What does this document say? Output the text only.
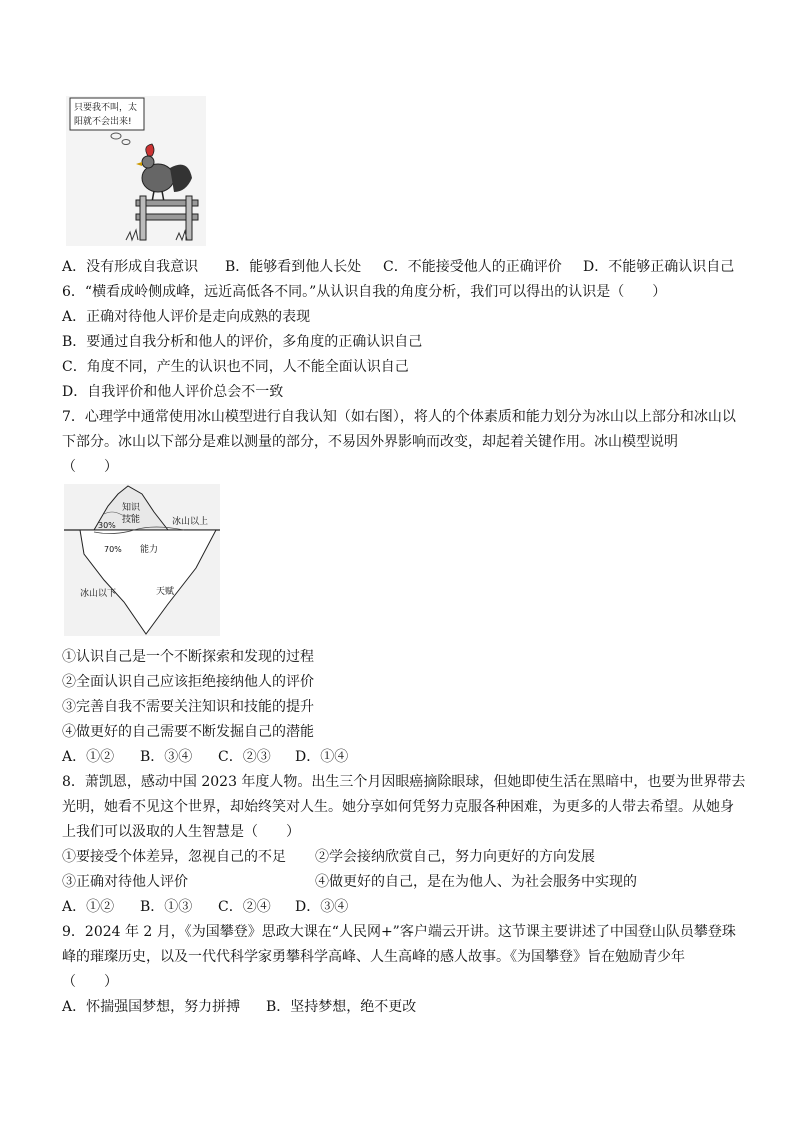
只要我不叫，太
阳就不会出来!
A．没有形成自我意识 B．能够看到他人长处 C．不能接受他人的正确评价 D．不能够正确认识自己
6．“横看成岭侧成峰，远近高低各不同。”从认识自我的角度分析，我们可以得出的认识是（　　）
A．正确对待他人评价是走向成熟的表现
B．要通过自我分析和他人的评价，多角度的正确认识自己
C．角度不同，产生的认识也不同，人不能全面认识自己
D．自我评价和他人评价总会不一致
7．心理学中通常使用冰山模型进行自我认知（如右图），将人的个体素质和能力划分为冰山以上部分和冰山以
下部分。冰山以下部分是难以测量的部分，不易因外界影响而改变，却起着关键作用。冰山模型说明
（　　）
知识
技能
30%	冰山以上
70% 能力
冰山以下	天赋
①认识自己是一个不断探索和发现的过程
②全面认识自己应该拒绝接纳他人的评价
③完善自我不需要关注知识和技能的提升
④做更好的自己需要不断发掘自己的潜能
A．①② B．③④ C．②③ D．①④
8．萧凯恩，感动中国 2023 年度人物。出生三个月因眼癌摘除眼球，但她即使生活在黑暗中，也要为世界带去
光明，她看不见这个世界，却始终笑对人生。她分享如何凭努力克服各种困难，为更多的人带去希望。从她身
上我们可以汲取的人生智慧是（　　）
①要接受个体差异，忽视自己的不足 ②学会接纳欣赏自己，努力向更好的方向发展
③正确对待他人评价	④做更好的自己，是在为他人、为社会服务中实现的
A．①② B．①③ C．②④ D．③④
9．2024 年 2 月，《为国攀登》思政大课在“人民网+”客户端云开讲。这节课主要讲述了中国登山队员攀登珠
峰的璀璨历史，以及一代代科学家勇攀科学高峰、人生高峰的感人故事。《为国攀登》旨在勉励青少年
（　　）
A．怀揣强国梦想，努力拼搏 B．坚持梦想，绝不更改
